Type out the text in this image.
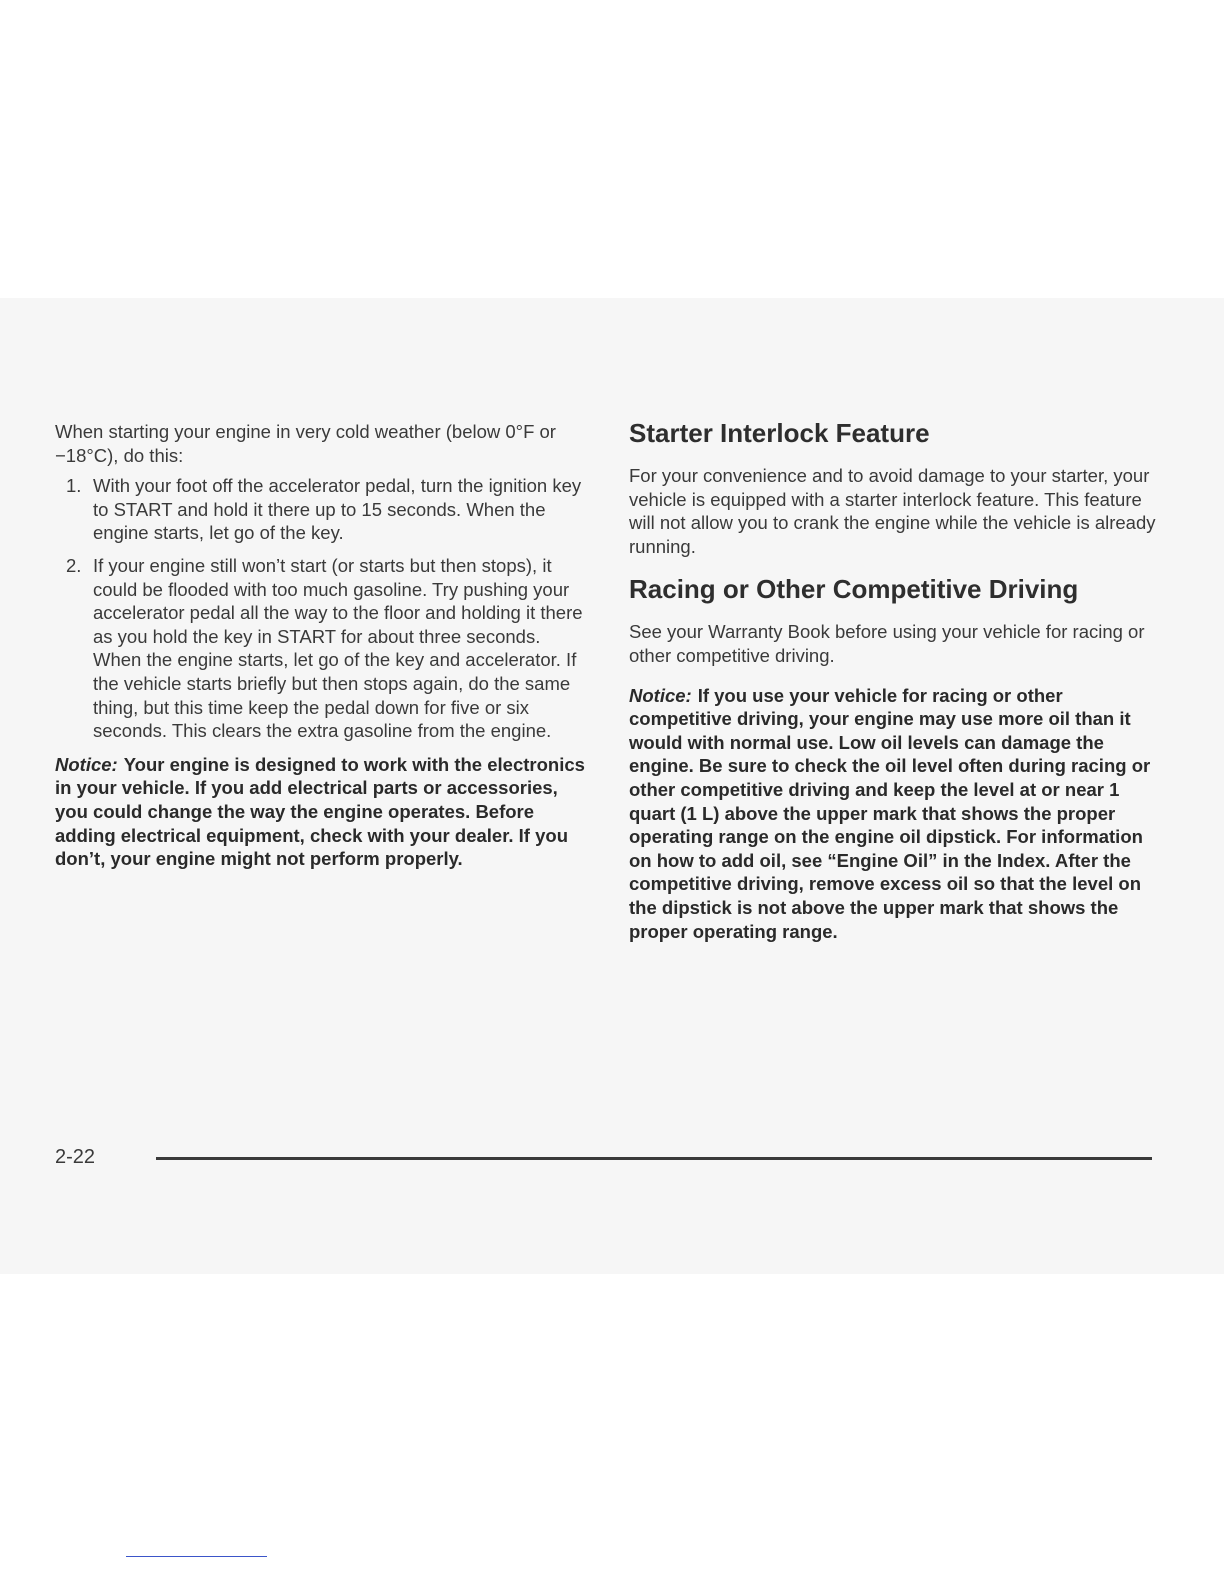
When starting your engine in very cold weather (below 0°F or −18°C), do this:

1. With your foot off the accelerator pedal, turn the ignition key to START and hold it there up to 15 seconds. When the engine starts, let go of the key.
2. If your engine still won’t start (or starts but then stops), it could be flooded with too much gasoline. Try pushing your accelerator pedal all the way to the floor and holding it there as you hold the key in START for about three seconds. When the engine starts, let go of the key and accelerator. If the vehicle starts briefly but then stops again, do the same thing, but this time keep the pedal down for five or six seconds. This clears the extra gasoline from the engine.

Notice: Your engine is designed to work with the electronics in your vehicle. If you add electrical parts or accessories, you could change the way the engine operates. Before adding electrical equipment, check with your dealer. If you don’t, your engine might not perform properly.

Starter Interlock Feature

For your convenience and to avoid damage to your starter, your vehicle is equipped with a starter interlock feature. This feature will not allow you to crank the engine while the vehicle is already running.

Racing or Other Competitive Driving

See your Warranty Book before using your vehicle for racing or other competitive driving.

Notice: If you use your vehicle for racing or other competitive driving, your engine may use more oil than it would with normal use. Low oil levels can damage the engine. Be sure to check the oil level often during racing or other competitive driving and keep the level at or near 1 quart (1 L) above the upper mark that shows the proper operating range on the engine oil dipstick. For information on how to add oil, see “Engine Oil” in the Index. After the competitive driving, remove excess oil so that the level on the dipstick is not above the upper mark that shows the proper operating range.

2-22
